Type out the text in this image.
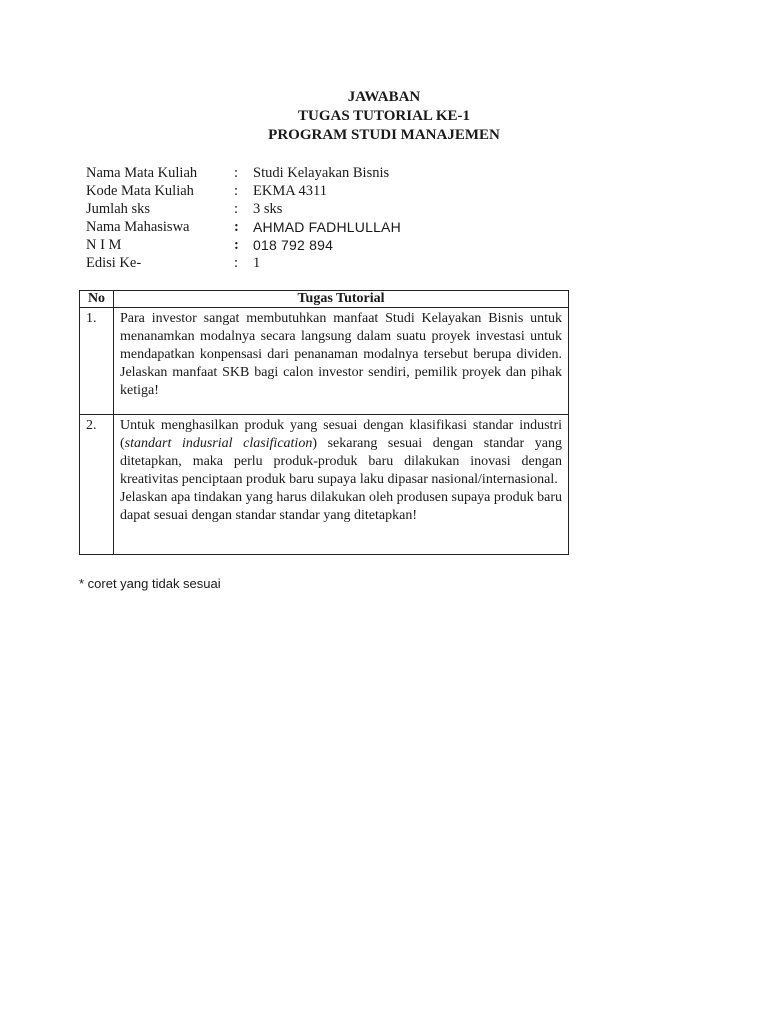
JAWABAN
TUGAS TUTORIAL KE-1
PROGRAM STUDI MANAJEMEN
Nama Mata Kuliah	:	Studi Kelayakan Bisnis
Kode Mata Kuliah	:	EKMA 4311
Jumlah sks	:	3 sks
Nama Mahasiswa	:	AHMAD FADHLULLAH
N I M	:	018 792 894
Edisi Ke-	:	1
No	Tugas Tutorial
1.	Para investor sangat membutuhkan manfaat Studi Kelayakan Bisnis untuk menanamkan modalnya secara langsung dalam suatu proyek investasi untuk mendapatkan konpensasi dari penanaman modalnya tersebut berupa dividen. Jelaskan manfaat SKB bagi calon investor sendiri, pemilik proyek dan pihak ketiga!
2.	Untuk menghasilkan produk yang sesuai dengan klasifikasi standar industri (standart indusrial clasification) sekarang sesuai dengan standar yang ditetapkan, maka perlu produk-produk baru dilakukan inovasi dengan kreativitas penciptaan produk baru supaya laku dipasar nasional/internasional.

Jelaskan apa tindakan yang harus dilakukan oleh produsen supaya produk baru dapat sesuai dengan standar standar yang ditetapkan!

* coret yang tidak sesuai
